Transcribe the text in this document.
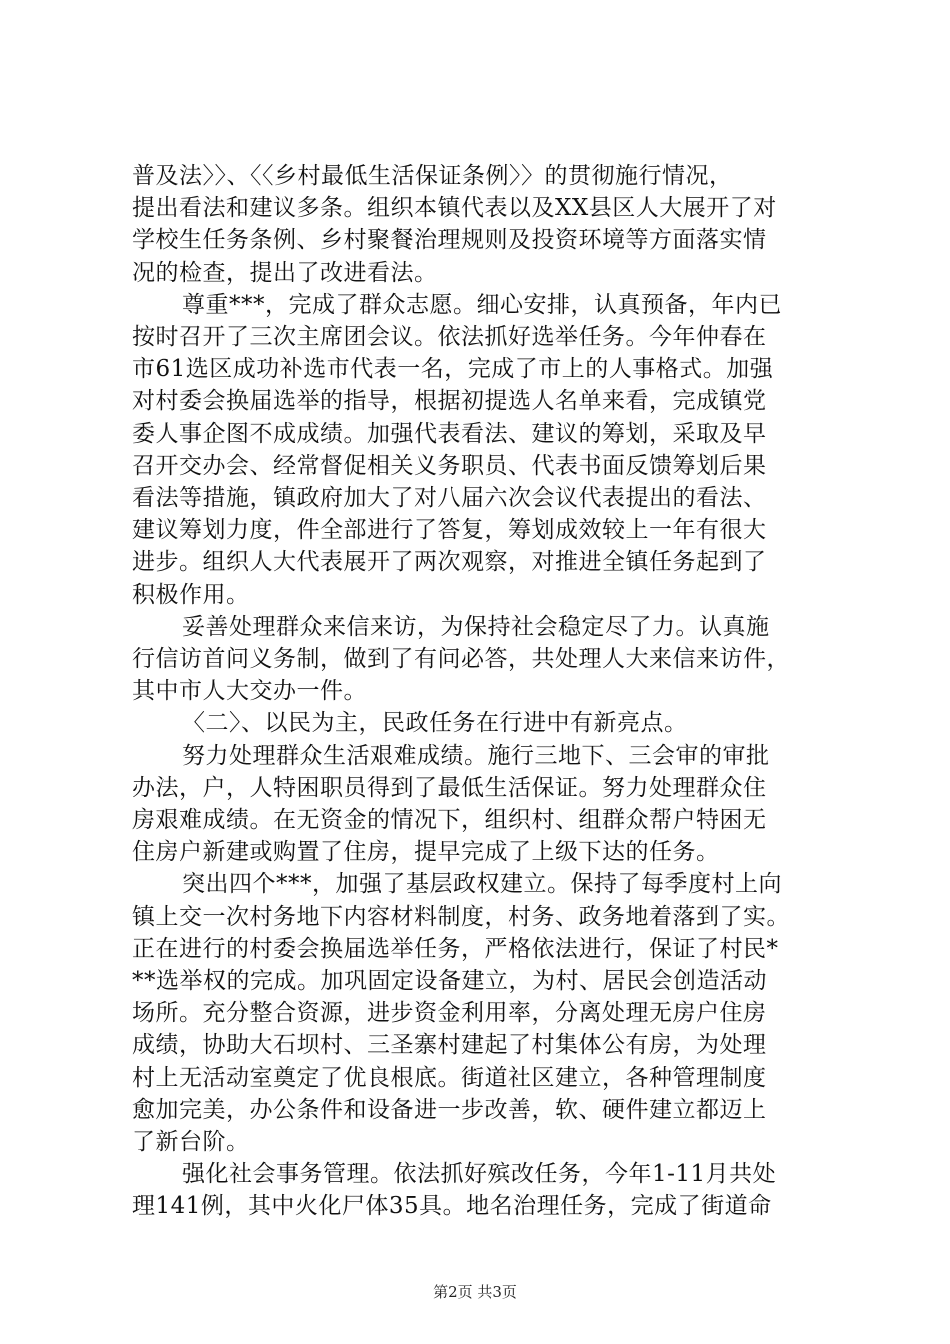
普及法〉〉、〈〈乡村最低生活保证条例〉〉的贯彻施行情况，
提出看法和建议多条。组织本镇代表以及XX县区人大展开了对
学校生任务条例、乡村聚餐治理规则及投资环境等方面落实情
况的检查，提出了改进看法。
尊重***，完成了群众志愿。细心安排，认真预备，年内已
按时召开了三次主席团会议。依法抓好选举任务。今年仲春在
市61选区成功补选市代表一名，完成了市上的人事格式。加强
对村委会换届选举的指导，根据初提选人名单来看，完成镇党
委人事企图不成成绩。加强代表看法、建议的筹划，采取及早
召开交办会、经常督促相关义务职员、代表书面反馈筹划后果
看法等措施，镇政府加大了对八届六次会议代表提出的看法、
建议筹划力度，件全部进行了答复，筹划成效较上一年有很大
进步。组织人大代表展开了两次观察，对推进全镇任务起到了
积极作用。
妥善处理群众来信来访，为保持社会稳定尽了力。认真施
行信访首问义务制，做到了有问必答，共处理人大来信来访件，
其中市人大交办一件。
〈二〉、以民为主，民政任务在行进中有新亮点。
努力处理群众生活艰难成绩。施行三地下、三会审的审批
办法，户，人特困职员得到了最低生活保证。努力处理群众住
房艰难成绩。在无资金的情况下，组织村、组群众帮户特困无
住房户新建或购置了住房，提早完成了上级下达的任务。
突出四个***，加强了基层政权建立。保持了每季度村上向
镇上交一次村务地下内容材料制度，村务、政务地着落到了实。
正在进行的村委会换届选举任务，严格依法进行，保证了村民*
**选举权的完成。加巩固定设备建立，为村、居民会创造活动
场所。充分整合资源，进步资金利用率，分离处理无房户住房
成绩，协助大石坝村、三圣寨村建起了村集体公有房，为处理
村上无活动室奠定了优良根底。街道社区建立，各种管理制度
愈加完美，办公条件和设备进一步改善，软、硬件建立都迈上
了新台阶。
强化社会事务管理。依法抓好殡改任务，今年1-11月共处
理141例，其中火化尸体35具。地名治理任务，完成了街道命
第2页 共3页
